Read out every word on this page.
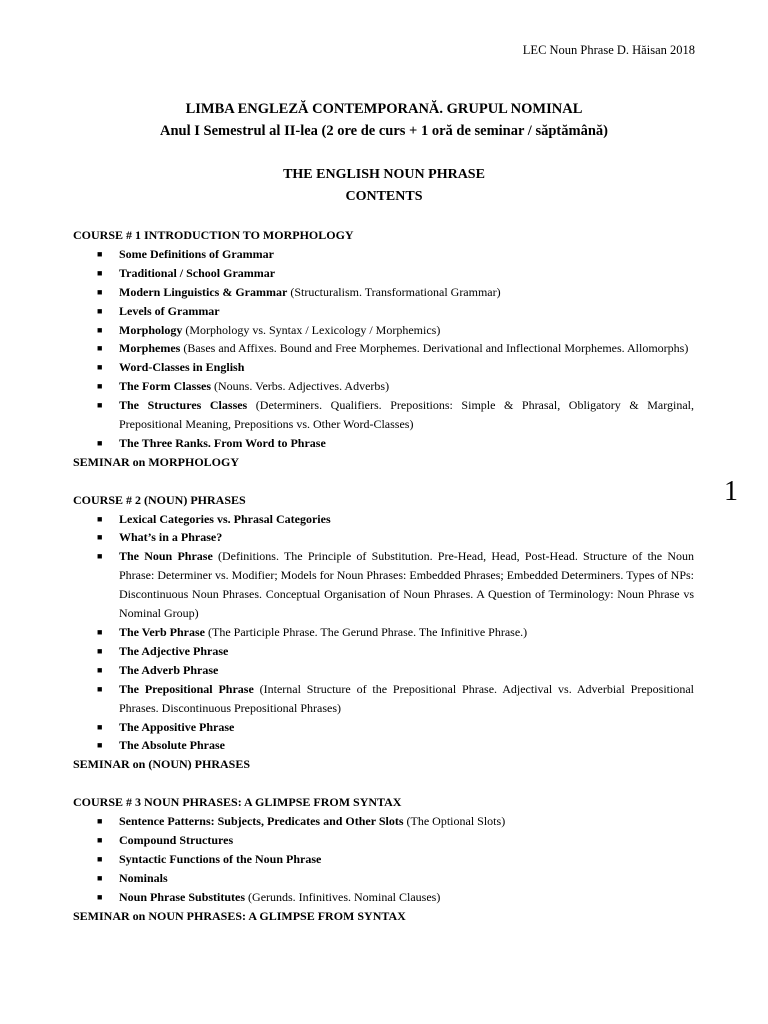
LEC Noun Phrase D. Hăisan 2018
1
LIMBA ENGLEZĂ CONTEMPORANĂ. GRUPUL NOMINAL
Anul I Semestrul al II-lea (2 ore de curs + 1 oră de seminar / săptămână)
THE ENGLISH NOUN PHRASE
CONTENTS
COURSE # 1 INTRODUCTION TO MORPHOLOGY
■ Some Definitions of Grammar
■ Traditional / School Grammar
■ Modern Linguistics & Grammar (Structuralism. Transformational Grammar)
■ Levels of Grammar
■ Morphology (Morphology vs. Syntax / Lexicology / Morphemics)
■ Morphemes (Bases and Affixes. Bound and Free Morphemes. Derivational and Inflectional Morphemes. Allomorphs)
■ Word-Classes in English
■ The Form Classes (Nouns. Verbs. Adjectives. Adverbs)
■ The Structures Classes (Determiners. Qualifiers. Prepositions: Simple & Phrasal, Obligatory & Marginal, Prepositional Meaning, Prepositions vs. Other Word-Classes)
■ The Three Ranks. From Word to Phrase
SEMINAR on MORPHOLOGY
COURSE # 2 (NOUN) PHRASES
■ Lexical Categories vs. Phrasal Categories
■ What’s in a Phrase?
■ The Noun Phrase (Definitions. The Principle of Substitution. Pre-Head, Head, Post-Head. Structure of the Noun Phrase: Determiner vs. Modifier; Models for Noun Phrases: Embedded Phrases; Embedded Determiners. Types of NPs: Discontinuous Noun Phrases. Conceptual Organisation of Noun Phrases. A Question of Terminology: Noun Phrase vs Nominal Group)
■ The Verb Phrase (The Participle Phrase. The Gerund Phrase. The Infinitive Phrase.)
■ The Adjective Phrase
■ The Adverb Phrase
■ The Prepositional Phrase (Internal Structure of the Prepositional Phrase. Adjectival vs. Adverbial Prepositional Phrases. Discontinuous Prepositional Phrases)
■ The Appositive Phrase
■ The Absolute Phrase
SEMINAR on (NOUN) PHRASES
COURSE # 3 NOUN PHRASES: A GLIMPSE FROM SYNTAX
■ Sentence Patterns: Subjects, Predicates and Other Slots (The Optional Slots)
■ Compound Structures
■ Syntactic Functions of the Noun Phrase
■ Nominals
■ Noun Phrase Substitutes (Gerunds. Infinitives. Nominal Clauses)
SEMINAR on NOUN PHRASES: A GLIMPSE FROM SYNTAX
